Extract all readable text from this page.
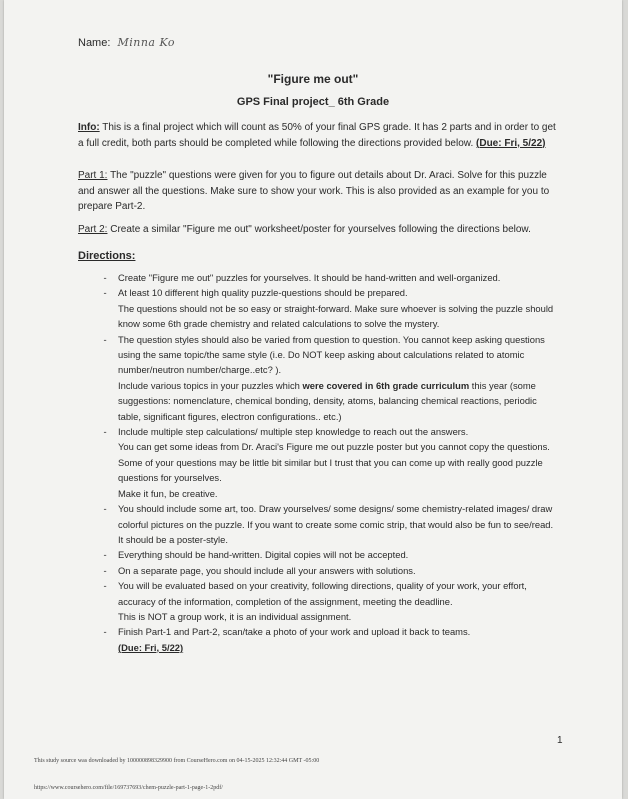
Name: Minna Ko
"Figure me out"
GPS Final project_ 6th Grade
Info: This is a final project which will count as 50% of your final GPS grade. It has 2 parts and in order to get a full credit, both parts should be completed while following the directions provided below. (Due: Fri, 5/22)
Part 1: The "puzzle" questions were given for you to figure out details about Dr. Araci. Solve for this puzzle and answer all the questions. Make sure to show your work. This is also provided as an example for you to prepare Part-2.
Part 2: Create a similar "Figure me out" worksheet/poster for yourselves following the directions below.
Directions:
-	Create "Figure me out" puzzles for yourselves. It should be hand-written and well-organized.
-	At least 10 different high quality puzzle-questions should be prepared.
The questions should not be so easy or straight-forward. Make sure whoever is solving the puzzle should know some 6th grade chemistry and related calculations to solve the mystery.
-	The question styles should also be varied from question to question. You cannot keep asking questions using the same topic/the same style (i.e. Do NOT keep asking about calculations related to atomic number/neutron number/charge..etc? ).
Include various topics in your puzzles which were covered in 6th grade curriculum this year (some suggestions: nomenclature, chemical bonding, density, atoms, balancing chemical reactions, periodic table, significant figures, electron configurations.. etc.)
-	Include multiple step calculations/ multiple step knowledge to reach out the answers.
You can get some ideas from Dr. Araci's Figure me out puzzle poster but you cannot copy the questions. Some of your questions may be little bit similar but I trust that you can come up with really good puzzle questions for yourselves.
Make it fun, be creative.
-	You should include some art, too. Draw yourselves/ some designs/ some chemistry-related images/ draw colorful pictures on the puzzle. If you want to create some comic strip, that would also be fun to see/read. It should be a poster-style.
-	Everything should be hand-written. Digital copies will not be accepted.
-	On a separate page, you should include all your answers with solutions.
-	You will be evaluated based on your creativity, following directions, quality of your work, your effort, accuracy of the information, completion of the assignment, meeting the deadline.
This is NOT a group work, it is an individual assignment.
-	Finish Part-1 and Part-2, scan/take a photo of your work and upload it back to teams.
(Due: Fri, 5/22)
1
This study source was downloaded by 100000898329900 from CourseHero.com on 04-15-2025 12:32:44 GMT -05:00
https://www.coursehero.com/file/169737693/chem-puzzle-part-1-page-1-2pdf/
